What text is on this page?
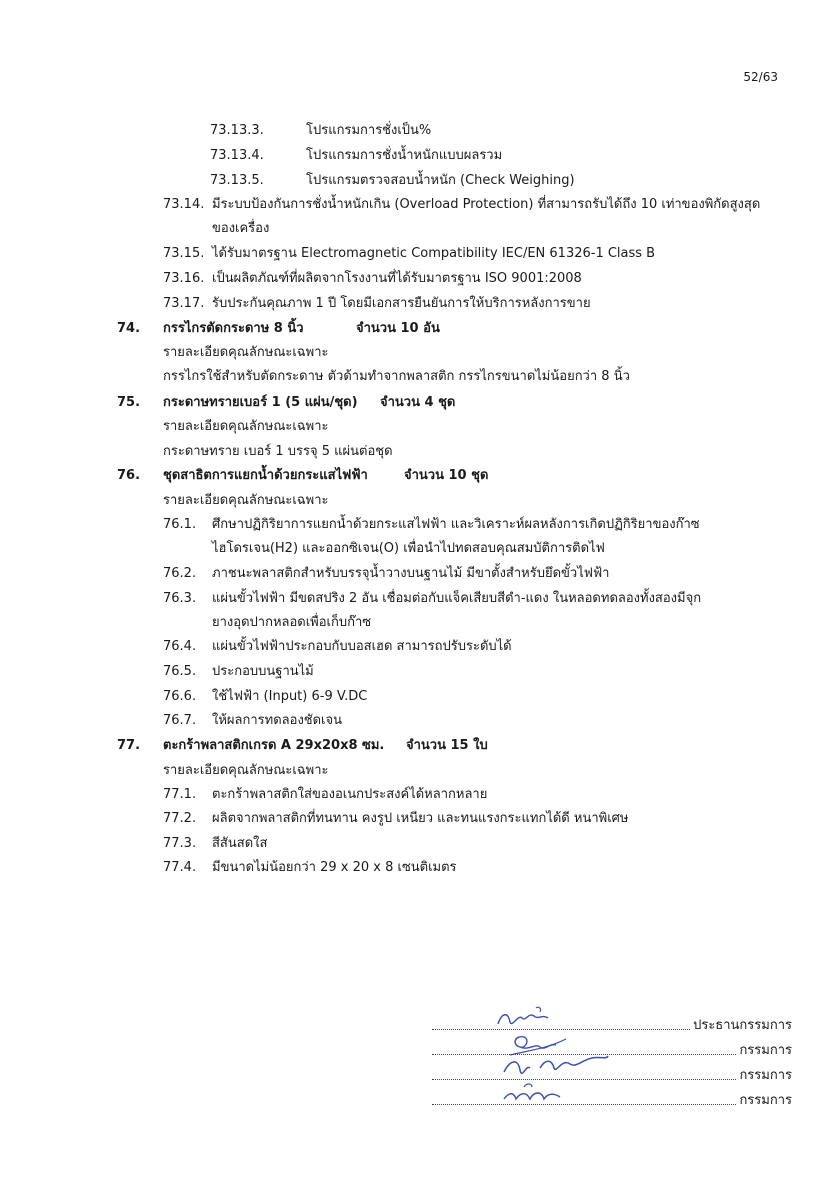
52/63
73.13.3.	โปรแกรมการชั่งเป็น%
73.13.4.	โปรแกรมการชั่งน้ำหนักแบบผลรวม
73.13.5.	โปรแกรมตรวจสอบน้ำหนัก (Check Weighing)
73.14. มีระบบป้องกันการชั่งน้ำหนักเกิน (Overload Protection) ที่สามารถรับได้ถึง 10 เท่าของพิกัดสูงสุด
ของเครื่อง
73.15. ได้รับมาตรฐาน Electromagnetic Compatibility IEC/EN 61326-1 Class B
73.16. เป็นผลิตภัณฑ์ที่ผลิตจากโรงงานที่ได้รับมาตรฐาน ISO 9001:2008
73.17. รับประกันคุณภาพ 1 ปี โดยมีเอกสารยืนยันการให้บริการหลังการขาย
74. กรรไกรตัดกระดาษ 8 นิ้ว	จำนวน 10 อัน
รายละเอียดคุณลักษณะเฉพาะ
กรรไกรใช้สำหรับตัดกระดาษ ตัวด้ามทำจากพลาสติก กรรไกรขนาดไม่น้อยกว่า 8 นิ้ว
75. กระดาษทรายเบอร์ 1 (5 แผ่น/ชุด) จำนวน 4 ชุด
รายละเอียดคุณลักษณะเฉพาะ
กระดาษทราย เบอร์ 1 บรรจุ 5 แผ่นต่อชุด
76. ชุดสาธิตการแยกน้ำด้วยกระแสไฟฟ้า	จำนวน 10 ชุด
รายละเอียดคุณลักษณะเฉพาะ
76.1. ศึกษาปฏิกิริยาการแยกน้ำด้วยกระแสไฟฟ้า และวิเคราะห์ผลหลังการเกิดปฏิกิริยาของก๊าซ
ไฮโดรเจน(H2) และออกซิเจน(O) เพื่อนำไปทดสอบคุณสมบัติการติดไฟ
76.2. ภาชนะพลาสติกสำหรับบรรจุน้ำวางบนฐานไม้ มีขาตั้งสำหรับยึดขั้วไฟฟ้า
76.3. แผ่นขั้วไฟฟ้า มีขดสปริง 2 อัน เชื่อมต่อกับแจ็คเสียบสีดำ-แดง ในหลอดทดลองทั้งสองมีจุก
ยางอุดปากหลอดเพื่อเก็บก๊าซ
76.4. แผ่นขั้วไฟฟ้าประกอบกับบอสเฮด สามารถปรับระดับได้
76.5. ประกอบบนฐานไม้
76.6. ใช้ไฟฟ้า (Input) 6-9 V.DC
76.7. ให้ผลการทดลองชัดเจน
77. ตะกร้าพลาสติกเกรด A 29x20x8 ซม. จำนวน 15 ใบ
รายละเอียดคุณลักษณะเฉพาะ
77.1. ตะกร้าพลาสติกใส่ของอเนกประสงค์ได้หลากหลาย
77.2. ผลิตจากพลาสติกที่ทนทาน คงรูป เหนียว และทนแรงกระแทกได้ดี หนาพิเศษ
77.3. สีสันสดใส
77.4. มีขนาดไม่น้อยกว่า 29 x 20 x 8 เซนติเมตร
ประธานกรรมการ
กรรมการ
กรรมการ
กรรมการ
